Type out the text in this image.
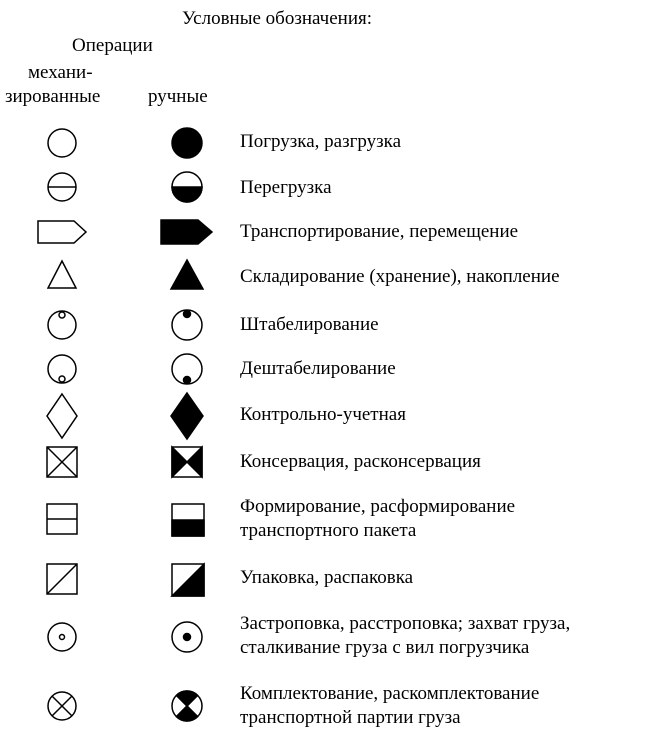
Условные обозначения:
Операции
механи-
зированные	ручные
Погрузка, разгрузка
Перегрузка
Транспортирование, перемещение
Складирование (хранение), накопление
Штабелирование
Дештабелирование
Контрольно-учетная
Консервация, расконсервация
Формирование, расформирование
транспортного пакета
Упаковка, распаковка
Застроповка, расстроповка; захват груза,
сталкивание груза с вил погрузчика
Комплектование, раскомплектование
транспортной партии груза
